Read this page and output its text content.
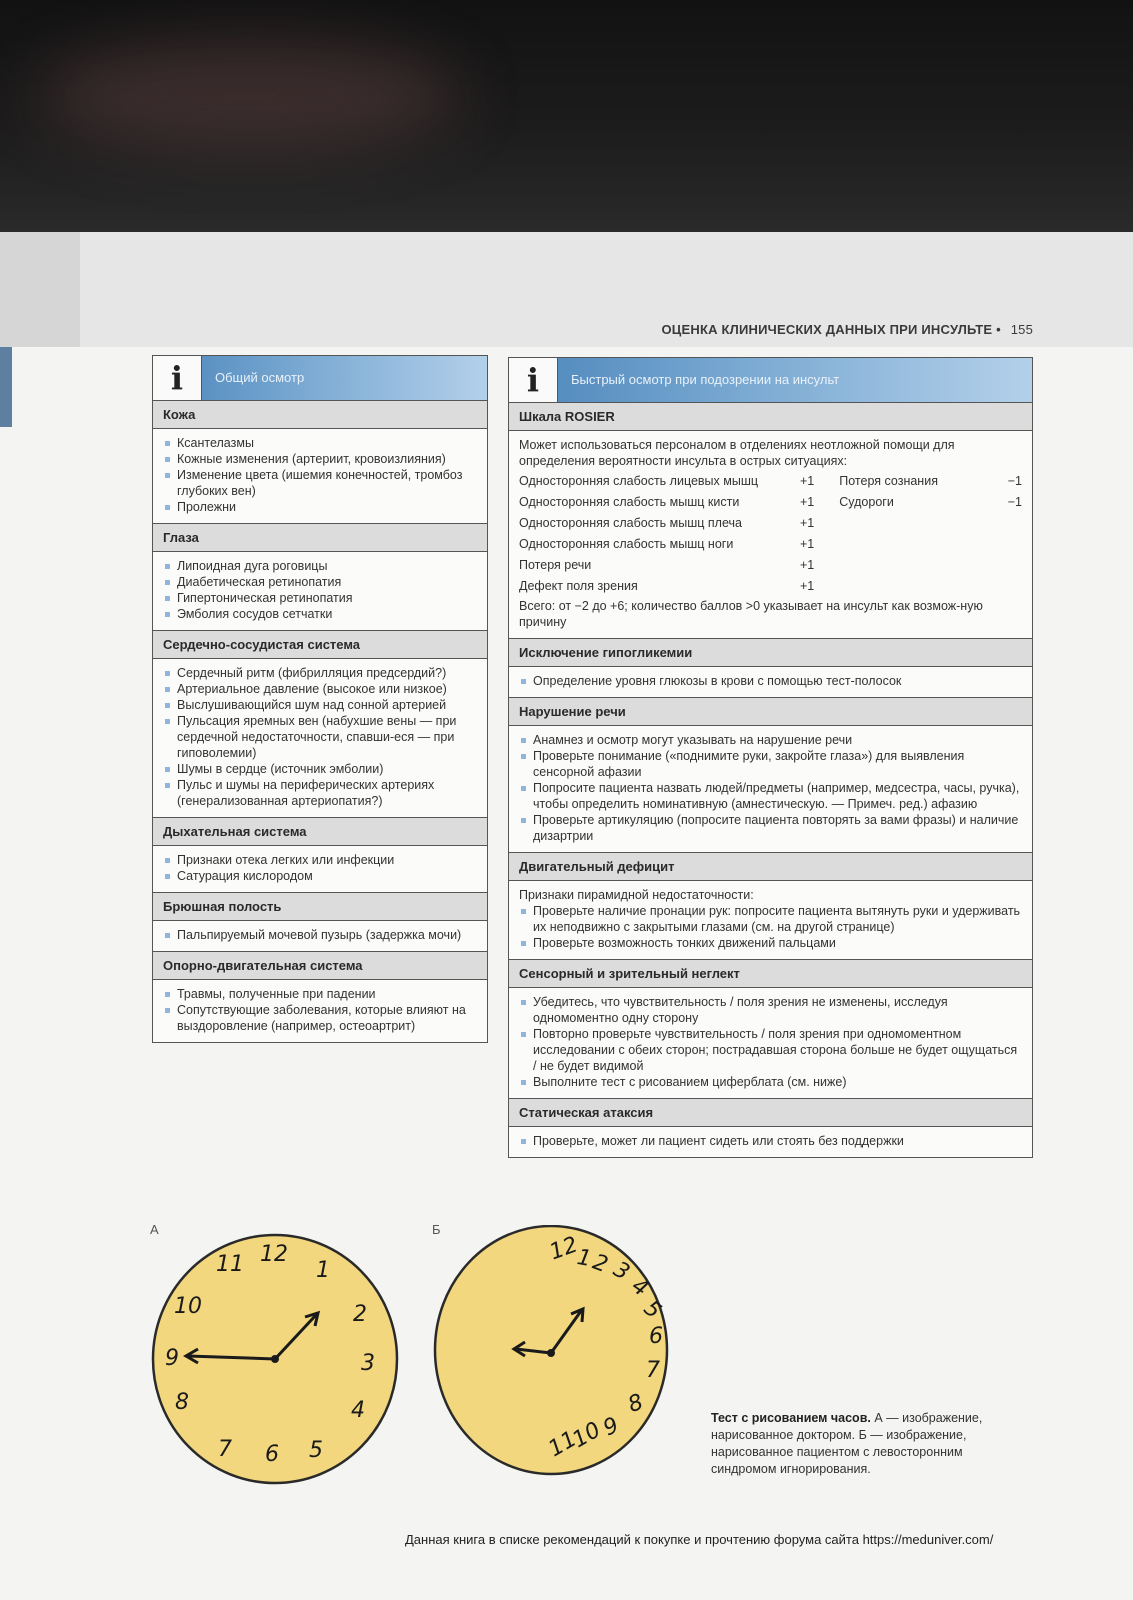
ОЦЕНКА КЛИНИЧЕСКИХ ДАННЫХ ПРИ ИНСУЛЬТЕ • 155
i	Общий осмотр
Кожа
Ксантелазмы
Кожные изменения (артериит, кровоизлияния)
Изменение цвета (ишемия конечностей, тромбоз глубоких вен)
Пролежни
Глаза
Липоидная дуга роговицы
Диабетическая ретинопатия
Гипертоническая ретинопатия
Эмболия сосудов сетчатки
Сердечно-сосудистая система
Сердечный ритм (фибрилляция предсердий?)
Артериальное давление (высокое или низкое)
Выслушивающийся шум над сонной артерией
Пульсация яремных вен (набухшие вены — при сердечной недостаточности, спавши-еся — при гиповолемии)
Шумы в сердце (источник эмболии)
Пульс и шумы на периферических артериях (генерализованная артериопатия?)
Дыхательная система
Признаки отека легких или инфекции
Сатурация кислородом
Брюшная полость
Пальпируемый мочевой пузырь (задержка мочи)
Опорно-двигательная система
Травмы, полученные при падении
Сопутствующие заболевания, которые влияют на выздоровление (например, остеоартрит)
i	Быстрый осмотр при подозрении на инсульт
Шкала ROSIER
Может использоваться персоналом в отделениях неотложной помощи для определения вероятности инсульта в острых ситуациях:
Односторонняя слабость лицевых мышц	+1	Потеря сознания	−1
Односторонняя слабость мышц кисти	+1	Судороги	−1
Односторонняя слабость мышц плеча	+1
Односторонняя слабость мышц ноги	+1
Потеря речи	+1
Дефект поля зрения	+1
Всего: от −2 до +6; количество баллов >0 указывает на инсульт как возмож-ную причину
Исключение гипогликемии
Определение уровня глюкозы в крови с помощью тест-полосок
Нарушение речи
Анамнез и осмотр могут указывать на нарушение речи
Проверьте понимание («поднимите руки, закройте глаза») для выявления сенсорной афазии
Попросите пациента назвать людей/предметы (например, медсестра, часы, ручка), чтобы определить номинативную (амнестическую. — Примеч. ред.) афазию
Проверьте артикуляцию (попросите пациента повторять за вами фразы) и наличие дизартрии
Двигательный дефицит
Признаки пирамидной недостаточности:
Проверьте наличие пронации рук: попросите пациента вытянуть руки и удерживать их неподвижно с закрытыми глазами (см. на другой странице)
Проверьте возможность тонких движений пальцами
Сенсорный и зрительный неглект
Убедитесь, что чувствительность / поля зрения не изменены, исследуя одномоментно одну сторону
Повторно проверьте чувствительность / поля зрения при одномоментном исследовании с обеих сторон; пострадавшая сторона больше не будет ощущаться / не будет видимой
Выполните тест с рисованием циферблата (см. ниже)
Статическая атаксия
Проверьте, может ли пациент сидеть или стоять без поддержки
А	Б
12
1
2
3
4
5
6
7
8
9
10
11	12
1
2
3
4
5
6
7
8
9
10
11
Тест с рисованием часов. А — изображение, нарисованное доктором. Б — изображение, нарисованное пациентом с левосторонним синдромом игнорирования.
Данная книга в списке рекомендаций к покупке и прочтению форума сайта https://meduniver.com/
